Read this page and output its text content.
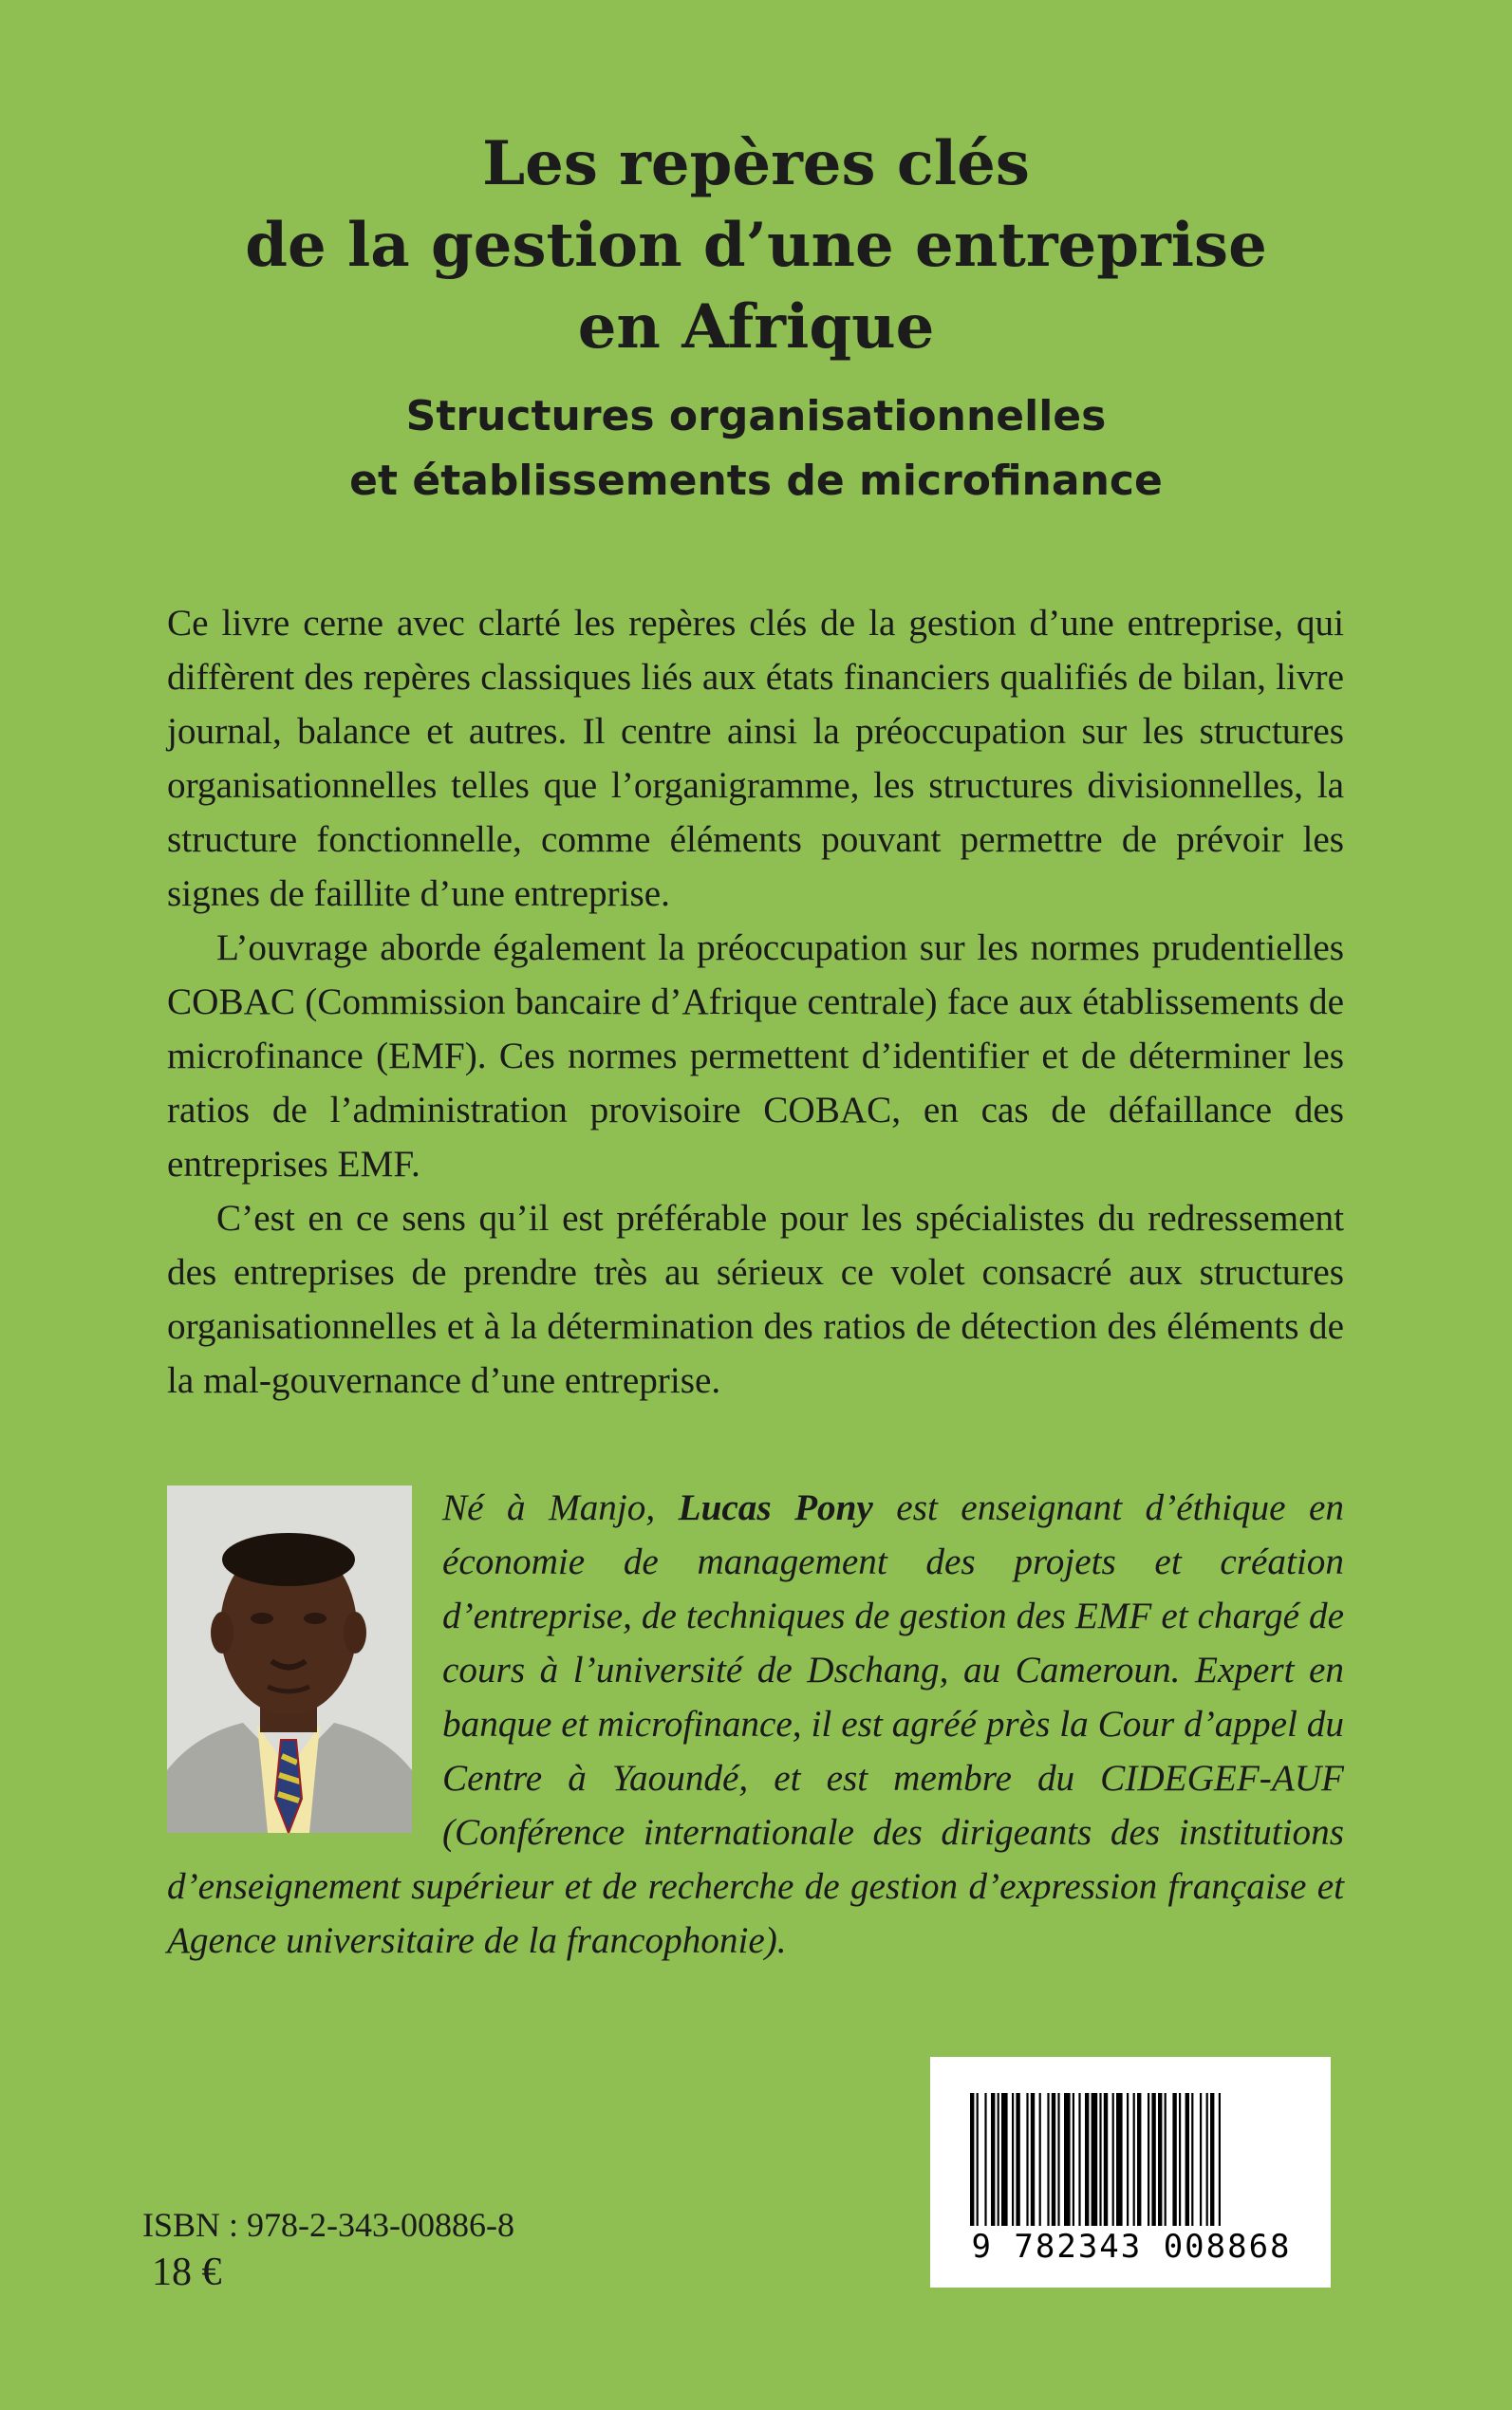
Les repères clés
de la gestion d’une entreprise
en Afrique
Structures organisationnelles
et établissements de microfinance

Ce livre cerne avec clarté les repères clés de la gestion d’une entreprise, qui diffèrent des repères classiques liés aux états financiers qualifiés de bilan, livre journal, balance et autres. Il centre ainsi la préoccupation sur les structures organisationnelles telles que l’organigramme, les structures divisionnelles, la structure fonctionnelle, comme éléments pouvant permettre de prévoir les signes de faillite d’une entreprise.

L’ouvrage aborde également la préoccupation sur les normes prudentielles COBAC (Commission bancaire d’Afrique centrale) face aux établissements de microfinance (EMF). Ces normes permettent d’identifier et de déterminer les ratios de l’administration provisoire COBAC, en cas de défaillance des entreprises EMF.

C’est en ce sens qu’il est préférable pour les spécialistes du redressement des entreprises de prendre très au sérieux ce volet consacré aux structures organisationnelles et à la détermination des ratios de détection des éléments de la mal-gouvernance d’une entreprise.

Né à Manjo, Lucas Pony est enseignant d’éthique en économie de management des projets et création d’entreprise, de techniques de gestion des EMF et chargé de cours à l’université de Dschang, au Cameroun. Expert en banque et microfinance, il est agréé près la Cour d’appel du Centre à Yaoundé, et est membre du CIDEGEF-AUF (Conférence internationale des dirigeants des institutions d’enseignement supérieur et de recherche de gestion d’expression française et Agence universitaire de la francophonie).
ISBN : 978-2-343-00886-8
18 €
9 782343 008868
